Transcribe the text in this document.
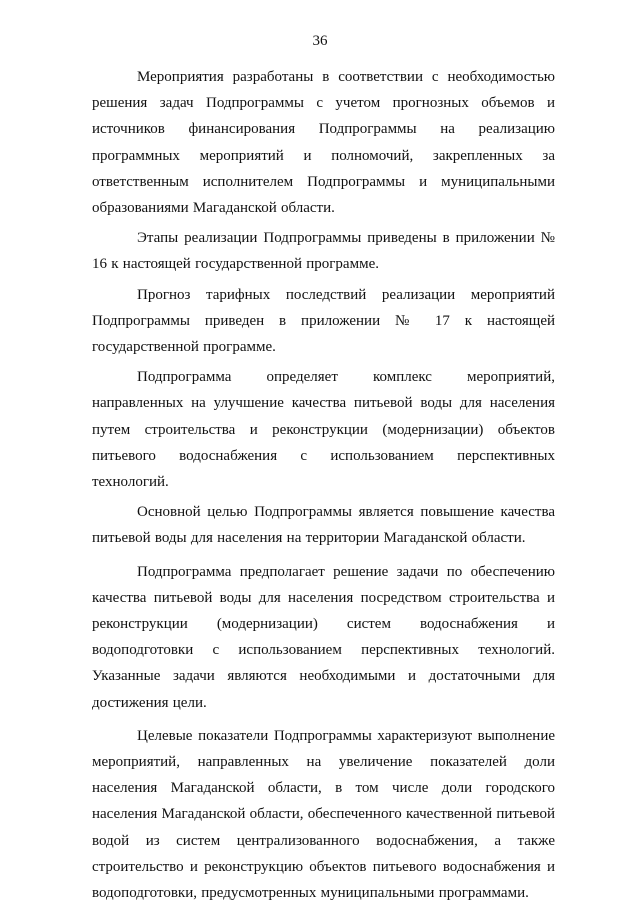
36

Мероприятия разработаны в соответствии с необходимостью решения задач Подпрограммы с учетом прогнозных объемов и источников финансирования Подпрограммы на реализацию программных мероприятий и полномочий, закрепленных за ответственным исполнителем Подпрограммы и муниципальными образованиями Магаданской области.

Этапы реализации Подпрограммы приведены в приложении № 16 к настоящей государственной программе.

Прогноз тарифных последствий реализации мероприятий Подпрограммы приведен в приложении № 17 к настоящей государственной программе.

Подпрограмма определяет комплекс мероприятий, направленных на улучшение качества питьевой воды для населения путем строительства и реконструкции (модернизации) объектов питьевого водоснабжения с использованием перспективных технологий.

Основной целью Подпрограммы является повышение качества питьевой воды для населения на территории Магаданской области.

Подпрограмма предполагает решение задачи по обеспечению качества питьевой воды для населения посредством строительства и реконструкции (модернизации) систем водоснабжения и водоподготовки с использованием перспективных технологий. Указанные задачи являются необходимыми и достаточными для достижения цели.

Целевые показатели Подпрограммы характеризуют выполнение мероприятий, направленных на увеличение показателей доли населения Магаданской области, в том числе доли городского населения Магаданской области, обеспеченного качественной питьевой водой из систем централизованного водоснабжения, а также строительство и реконструкцию объектов питьевого водоснабжения и водоподготовки, предусмотренных муниципальными программами.
